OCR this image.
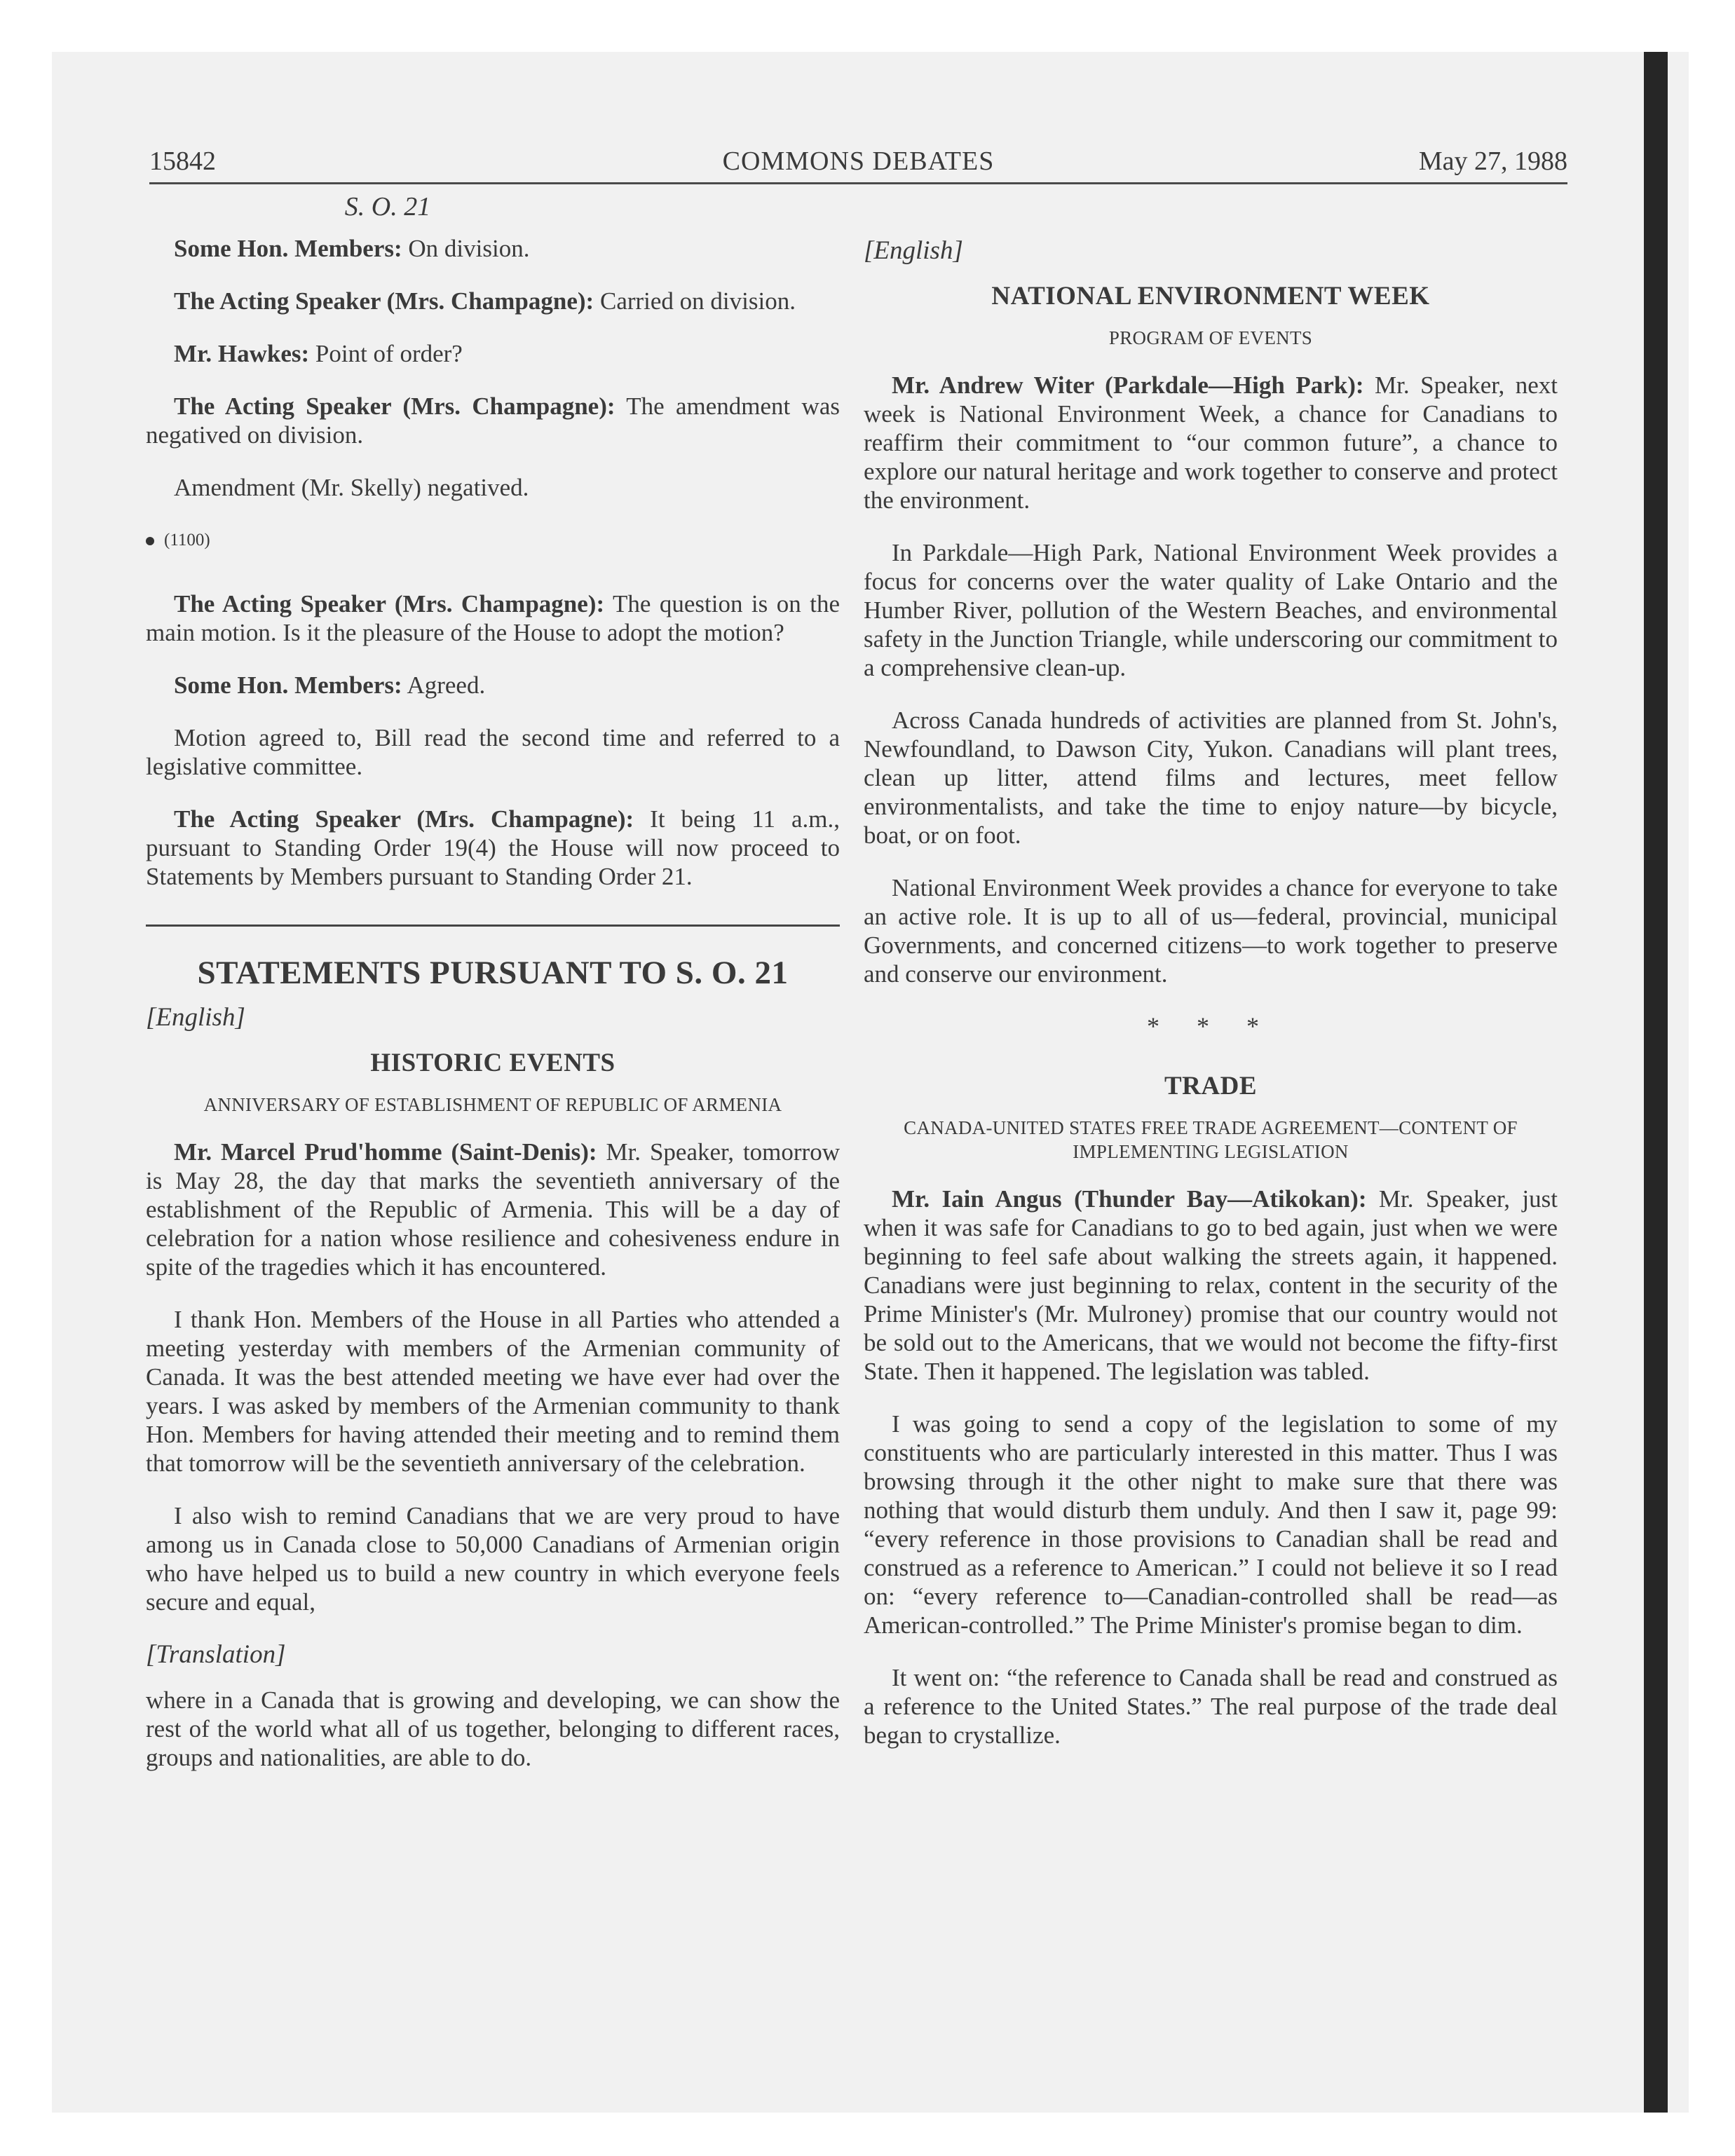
15842	COMMONS DEBATES	May 27, 1988
S. O. 21

Some Hon. Members: On division.

The Acting Speaker (Mrs. Champagne): Carried on division.

Mr. Hawkes: Point of order?

The Acting Speaker (Mrs. Champagne): The amendment was negatived on division.

Amendment (Mr. Skelly) negatived.

(1100)

The Acting Speaker (Mrs. Champagne): The question is on the main motion. Is it the pleasure of the House to adopt the motion?

Some Hon. Members: Agreed.

Motion agreed to, Bill read the second time and referred to a legislative committee.

The Acting Speaker (Mrs. Champagne): It being 11 a.m., pursuant to Standing Order 19(4) the House will now proceed to Statements by Members pursuant to Standing Order 21.

STATEMENTS PURSUANT TO S. O. 21
[English]
HISTORIC EVENTS
ANNIVERSARY OF ESTABLISHMENT OF REPUBLIC OF ARMENIA

Mr. Marcel Prud'homme (Saint-Denis): Mr. Speaker, tomorrow is May 28, the day that marks the seventieth anniversary of the establishment of the Republic of Armenia. This will be a day of celebration for a nation whose resilience and cohesiveness endure in spite of the tragedies which it has encountered.

I thank Hon. Members of the House in all Parties who attended a meeting yesterday with members of the Armenian community of Canada. It was the best attended meeting we have ever had over the years. I was asked by members of the Armenian community to thank Hon. Members for having attended their meeting and to remind them that tomorrow will be the seventieth anniversary of the celebration.

I also wish to remind Canadians that we are very proud to have among us in Canada close to 50,000 Canadians of Armenian origin who have helped us to build a new country in which everyone feels secure and equal,

[Translation]

where in a Canada that is growing and developing, we can show the rest of the world what all of us together, belonging to different races, groups and nationalities, are able to do.

[English]
NATIONAL ENVIRONMENT WEEK
PROGRAM OF EVENTS

Mr. Andrew Witer (Parkdale—High Park): Mr. Speaker, next week is National Environment Week, a chance for Canadians to reaffirm their commitment to “our common future”, a chance to explore our natural heritage and work together to conserve and protect the environment.

In Parkdale—High Park, National Environment Week provides a focus for concerns over the water quality of Lake Ontario and the Humber River, pollution of the Western Beaches, and environmental safety in the Junction Triangle, while underscoring our commitment to a comprehensive clean-up.

Across Canada hundreds of activities are planned from St. John's, Newfoundland, to Dawson City, Yukon. Canadians will plant trees, clean up litter, attend films and lectures, meet fellow environmentalists, and take the time to enjoy nature—by bicycle, boat, or on foot.

National Environment Week provides a chance for everyone to take an active role. It is up to all of us—federal, provincial, municipal Governments, and concerned citizens—to work together to preserve and conserve our environment.

* * *
TRADE
CANADA-UNITED STATES FREE TRADE AGREEMENT—CONTENT OF IMPLEMENTING LEGISLATION

Mr. Iain Angus (Thunder Bay—Atikokan): Mr. Speaker, just when it was safe for Canadians to go to bed again, just when we were beginning to feel safe about walking the streets again, it happened. Canadians were just beginning to relax, content in the security of the Prime Minister's (Mr. Mulroney) promise that our country would not be sold out to the Americans, that we would not become the fifty-first State. Then it happened. The legislation was tabled.

I was going to send a copy of the legislation to some of my constituents who are particularly interested in this matter. Thus I was browsing through it the other night to make sure that there was nothing that would disturb them unduly. And then I saw it, page 99: “every reference in those provisions to Canadian shall be read and construed as a reference to American.” I could not believe it so I read on: “every reference to—Canadian-controlled shall be read—as American-controlled.” The Prime Minister's promise began to dim.

It went on: “the reference to Canada shall be read and construed as a reference to the United States.” The real purpose of the trade deal began to crystallize.
